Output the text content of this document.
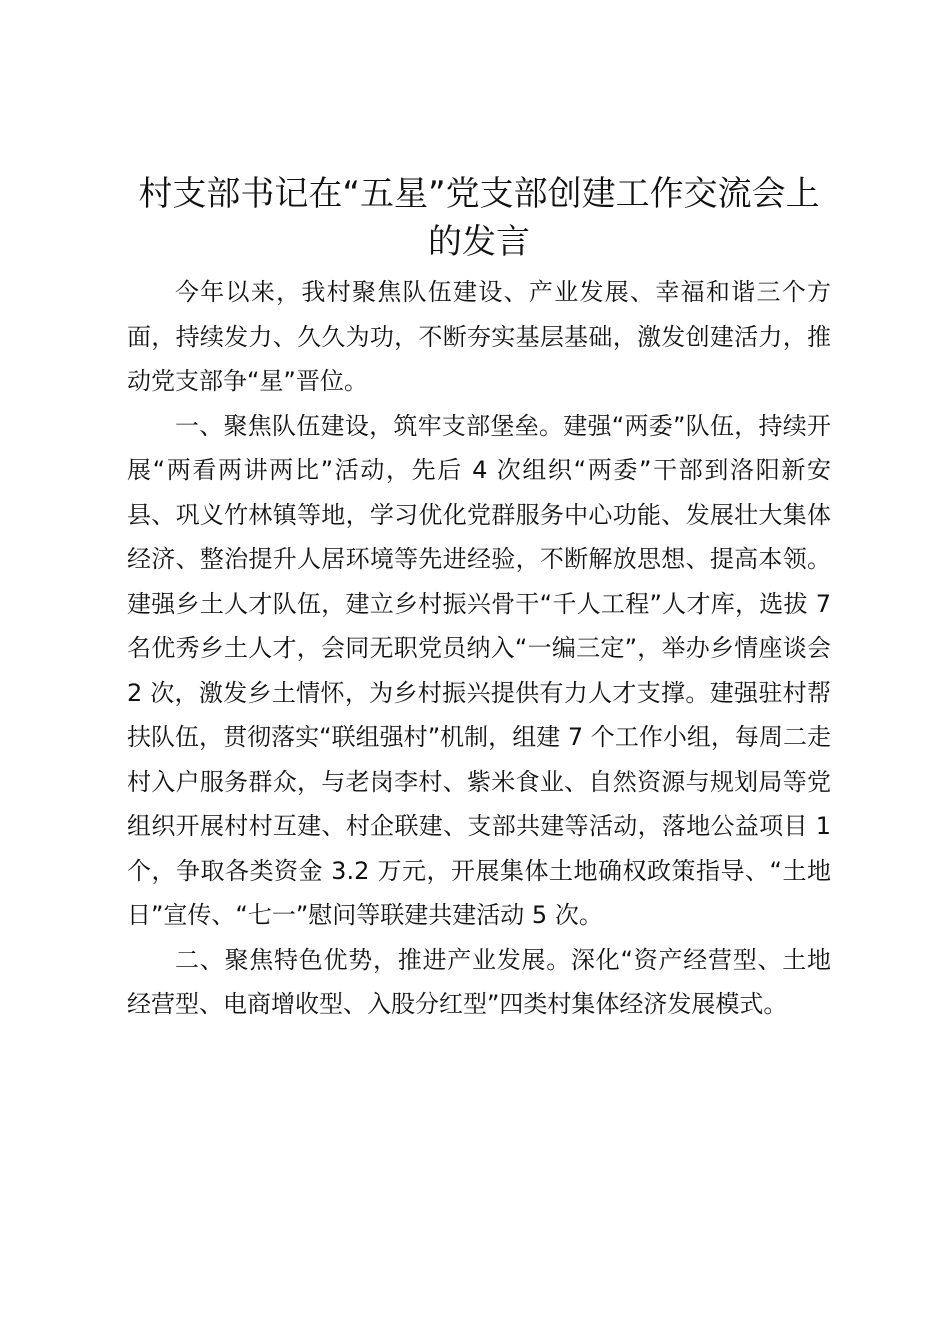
村支部书记在“五星”党支部创建工作交流会上的发言

今年以来，我村聚焦队伍建设、产业发展、幸福和谐三个方面，持续发力、久久为功，不断夯实基层基础，激发创建活力，推动党支部争“星”晋位。

一、聚焦队伍建设，筑牢支部堡垒。建强“两委”队伍，持续开展“两看两讲两比”活动，先后 4 次组织“两委”干部到洛阳新安县、巩义竹林镇等地，学习优化党群服务中心功能、发展壮大集体经济、整治提升人居环境等先进经验，不断解放思想、提高本领。建强乡土人才队伍，建立乡村振兴骨干“千人工程”人才库，选拔 7 名优秀乡土人才，会同无职党员纳入“一编三定”，举办乡情座谈会 2 次，激发乡土情怀，为乡村振兴提供有力人才支撑。建强驻村帮扶队伍，贯彻落实“联组强村”机制，组建 7 个工作小组，每周二走村入户服务群众，与老岗李村、紫米食业、自然资源与规划局等党组织开展村村互建、村企联建、支部共建等活动，落地公益项目 1 个，争取各类资金 3.2 万元，开展集体土地确权政策指导、“土地日”宣传、“七一”慰问等联建共建活动 5 次。

二、聚焦特色优势，推进产业发展。深化“资产经营型、土地经营型、电商增收型、入股分红型”四类村集体经济发展模式。
